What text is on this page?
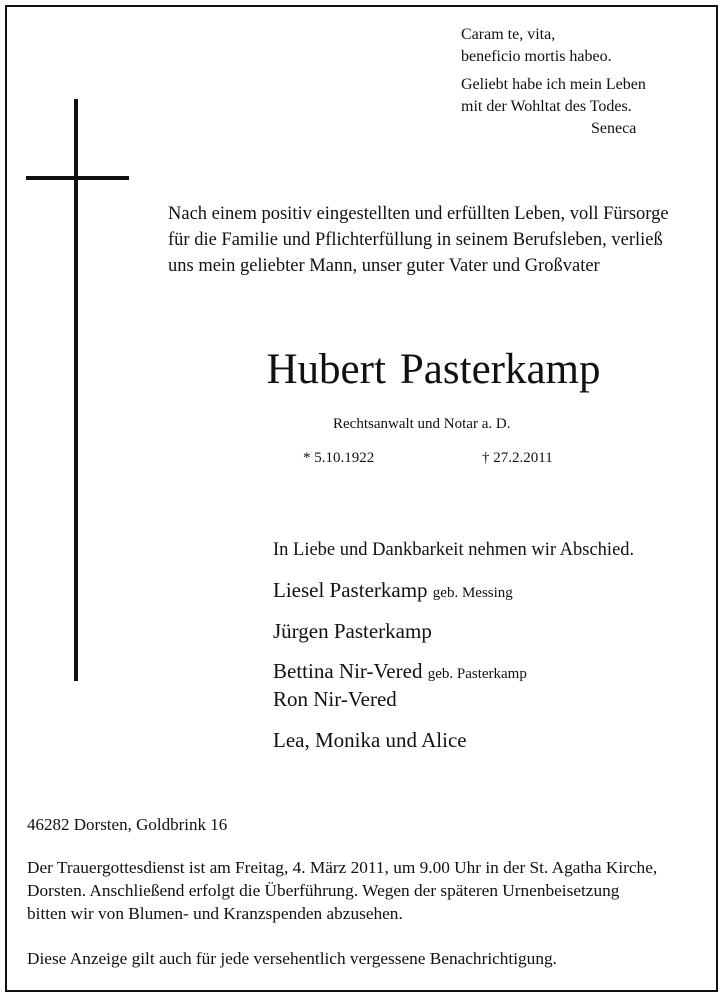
Caram te, vita,
beneficio mortis habeo.
Geliebt habe ich mein Leben
mit der Wohltat des Todes.
Seneca
Nach einem positiv eingestellten und erfüllten Leben, voll Fürsorge
für die Familie und Pflichterfüllung in seinem Berufsleben, verließ
uns mein geliebter Mann, unser guter Vater und Großvater
Hubert Pasterkamp
Rechtsanwalt und Notar a. D.
* 5.10.1922	† 27.2.2011
In Liebe und Dankbarkeit nehmen wir Abschied.
Liesel Pasterkamp geb. Messing
Jürgen Pasterkamp
Bettina Nir-Vered geb. Pasterkamp
Ron Nir-Vered
Lea, Monika und Alice
46282 Dorsten, Goldbrink 16
Der Trauergottesdienst ist am Freitag, 4. März 2011, um 9.00 Uhr in der St. Agatha Kirche,
Dorsten. Anschließend erfolgt die Überführung. Wegen der späteren Urnenbeisetzung
bitten wir von Blumen- und Kranzspenden abzusehen.
Diese Anzeige gilt auch für jede versehentlich vergessene Benachrichtigung.
